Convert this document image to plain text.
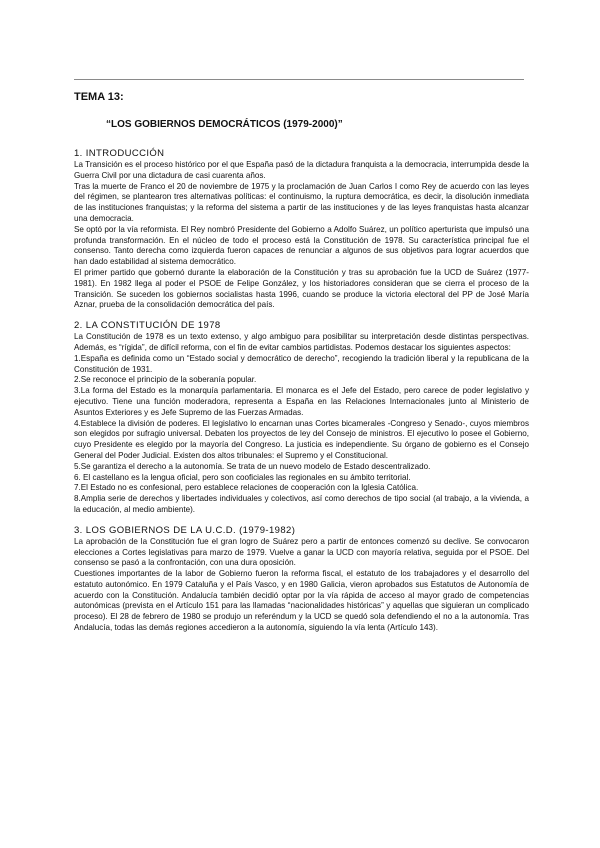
TEMA 13:

“LOS GOBIERNOS DEMOCRÁTICOS (1979-2000)”

1. INTRODUCCIÓN

La Transición es el proceso histórico por el que España pasó de la dictadura franquista a la democracia, interrumpida desde la Guerra Civil por una dictadura de casi cuarenta años.

Tras la muerte de Franco el 20 de noviembre de 1975 y la proclamación de Juan Carlos I como Rey de acuerdo con las leyes del régimen, se plantearon tres alternativas políticas: el continuismo, la ruptura democrática, es decir, la disolución inmediata de las instituciones franquistas; y la reforma del sistema a partir de las instituciones y de las leyes franquistas hasta alcanzar una democracia.

Se optó por la vía reformista. El Rey nombró Presidente del Gobierno a Adolfo Suárez, un político aperturista que impulsó una profunda transformación. En el núcleo de todo el proceso está la Constitución de 1978. Su característica principal fue el consenso. Tanto derecha como izquierda fueron capaces de renunciar a algunos de sus objetivos para lograr acuerdos que han dado estabilidad al sistema democrático.

El primer partido que gobernó durante la elaboración de la Constitución y tras su aprobación fue la UCD de Suárez (1977-1981). En 1982 llega al poder el PSOE de Felipe González, y los historiadores consideran que se cierra el proceso de la Transición. Se suceden los gobiernos socialistas hasta 1996, cuando se produce la victoria electoral del PP de José María Aznar, prueba de la consolidación democrática del país.

2. LA CONSTITUCIÓN DE 1978

La Constitución de 1978 es un texto extenso, y algo ambiguo para posibilitar su interpretación desde distintas perspectivas. Además, es “rígida”, de difícil reforma, con el fin de evitar cambios partidistas. Podemos destacar los siguientes aspectos:

1.España es definida como un “Estado social y democrático de derecho”, recogiendo la tradición liberal y la republicana de la Constitución de 1931.

2.Se reconoce el principio de la soberanía popular.

3.La forma del Estado es la monarquía parlamentaria. El monarca es el Jefe del Estado, pero carece de poder legislativo y ejecutivo. Tiene una función moderadora, representa a España en las Relaciones Internacionales junto al Ministerio de Asuntos Exteriores y es Jefe Supremo de las Fuerzas Armadas.

4.Establece la división de poderes. El legislativo lo encarnan unas Cortes bicamerales -Congreso y Senado-, cuyos miembros son elegidos por sufragio universal. Debaten los proyectos de ley del Consejo de ministros. El ejecutivo lo posee el Gobierno, cuyo Presidente es elegido por la mayoría del Congreso. La justicia es independiente. Su órgano de gobierno es el Consejo General del Poder Judicial. Existen dos altos tribunales: el Supremo y el Constitucional.

5.Se garantiza el derecho a la autonomía. Se trata de un nuevo modelo de Estado descentralizado.

6. El castellano es la lengua oficial, pero son cooficiales las regionales en su ámbito territorial.

7.El Estado no es confesional, pero establece relaciones de cooperación con la Iglesia Católica.

8.Amplia serie de derechos y libertades individuales y colectivos, así como derechos de tipo social (al trabajo, a la vivienda, a la educación, al medio ambiente).

3. LOS GOBIERNOS DE LA U.C.D. (1979-1982)

La aprobación de la Constitución fue el gran logro de Suárez pero a partir de entonces comenzó su declive. Se convocaron elecciones a Cortes legislativas para marzo de 1979. Vuelve a ganar la UCD con mayoría relativa, seguida por el PSOE. Del consenso se pasó a la confrontación, con una dura oposición.

Cuestiones importantes de la labor de Gobierno fueron la reforma fiscal, el estatuto de los trabajadores y el desarrollo del estatuto autonómico. En 1979 Cataluña y el País Vasco, y en 1980 Galicia, vieron aprobados sus Estatutos de Autonomía de acuerdo con la Constitución. Andalucía también decidió optar por la vía rápida de acceso al mayor grado de competencias autonómicas (prevista en el Artículo 151 para las llamadas “nacionalidades históricas” y aquellas que siguieran un complicado proceso). El 28 de febrero de 1980 se produjo un referéndum y la UCD se quedó sola defendiendo el no a la autonomía. Tras Andalucía, todas las demás regiones accedieron a la autonomía, siguiendo la vía lenta (Artículo 143).
